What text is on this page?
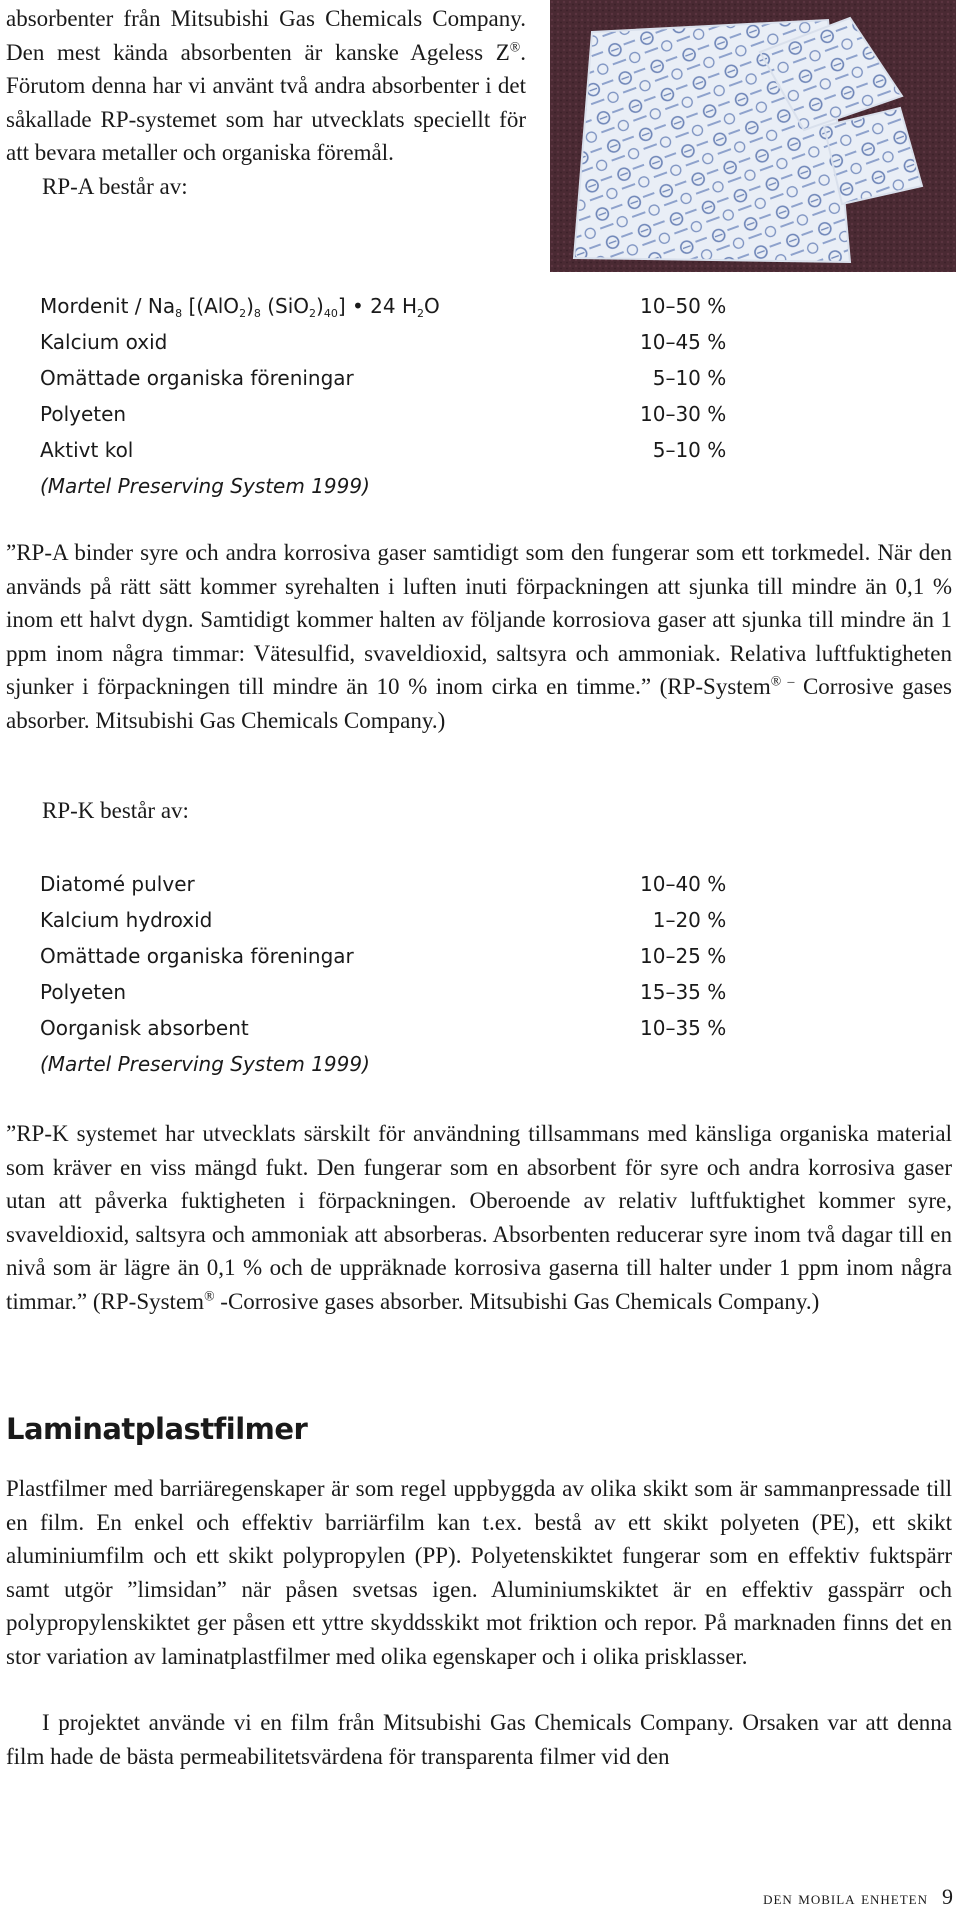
absorbenter från Mitsubishi Gas Chemicals Company. Den mest kända absorbenten är kanske Ageless Z®. Förutom denna har vi använt två andra absorbenter i det såkallade RP-systemet som har utvecklats speciellt för att bevara metaller och organiska föremål.

RP-A består av:

Mordenit / $Na_8$ [$(AlO_2)_8$ $(SiO_2)_{40}$] • 24 $H_2O$	10–50 %
Kalcium oxid	10–45 %
Omättade organiska föreningar	5–10 %
Polyeten	10–30 %
Aktivt kol	5–10 %
(Martel Preserving System 1999)

”RP-A binder syre och andra korrosiva gaser samtidigt som den fungerar som ett torkmedel. När den används på rätt sätt kommer syrehalten i luften inuti förpackningen att sjunka till mindre än 0,1 % inom ett halvt dygn. Samtidigt kommer halten av följande korrosiova gaser att sjunka till mindre än 1 ppm inom några timmar: Vätesulfid, svaveldioxid, saltsyra och ammoniak. Relativa luftfuktigheten sjunker i förpackningen till mindre än 10 % inom cirka en timme.” (RP-System® – Corrosive gases absorber. Mitsubishi Gas Chemicals Company.)

RP-K består av:

Diatomé pulver	10–40 %
Kalcium hydroxid	1–20 %
Omättade organiska föreningar	10–25 %
Polyeten	15–35 %
Oorganisk absorbent	10–35 %
(Martel Preserving System 1999)

”RP-K systemet har utvecklats särskilt för användning tillsammans med känsliga organiska material som kräver en viss mängd fukt. Den fungerar som en absorbent för syre och andra korrosiva gaser utan att påverka fuktigheten i förpackningen. Oberoende av relativ luftfuktighet kommer syre, svaveldioxid, saltsyra och ammoniak att absorberas. Absorbenten reducerar syre inom två dagar till en nivå som är lägre än 0,1 % och de uppräknade korrosiva gaserna till halter under 1 ppm inom några timmar.” (RP-System® -Corrosive gases absorber. Mitsubishi Gas Chemicals Company.)

Laminatplastfilmer

Plastfilmer med barriäregenskaper är som regel uppbyggda av olika skikt som är sammanpressade till en film. En enkel och effektiv barriärfilm kan t.ex. bestå av ett skikt polyeten (PE), ett skikt aluminiumfilm och ett skikt polypropylen (PP). Polyetenskiktet fungerar som en effektiv fuktspärr samt utgör ”limsidan” när påsen svetsas igen. Aluminiumskiktet är en effektiv gasspärr och polypropylenskiktet ger påsen ett yttre skyddsskikt mot friktion och repor. På marknaden finns det en stor variation av laminatplastfilmer med olika egenskaper och i olika prisklasser.

I projektet använde vi en film från Mitsubishi Gas Chemicals Company. Orsaken var att denna film hade de bästa permeabilitetsvärdena för transparenta filmer vid den

den mobila enheten 9
